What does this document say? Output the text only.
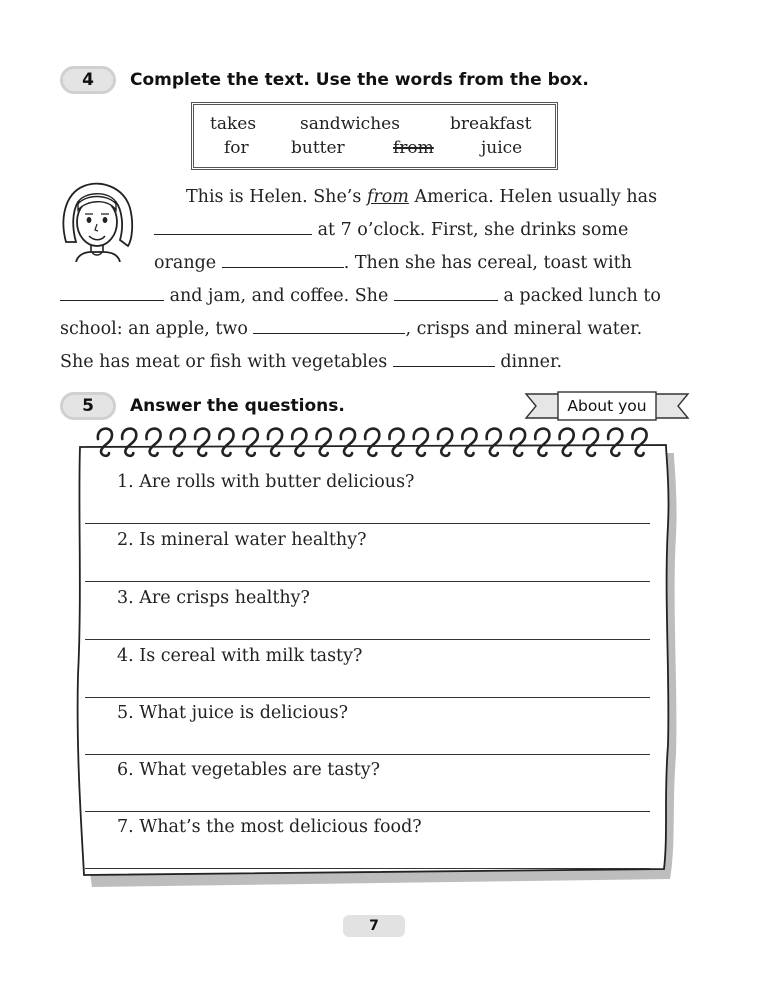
4	Complete the text. Use the words from the box.
takes	sandwiches	breakfast
for butter	from	juice
This is Helen. She’s from America. Helen usually has
at 7 o’clock. First, she drinks some
orange	. Then she has cereal, toast with
and jam, and coffee. She	a packed lunch to
school: an apple, two	, crisps and mineral water.
She has meat or fish with vegetables	dinner.
5	Answer the questions.	About you
1. Are rolls with butter delicious?
2. Is mineral water healthy?
3. Are crisps healthy?
4. Is cereal with milk tasty?
5. What juice is delicious?
6. What vegetables are tasty?
7. What’s the most delicious food?
7
